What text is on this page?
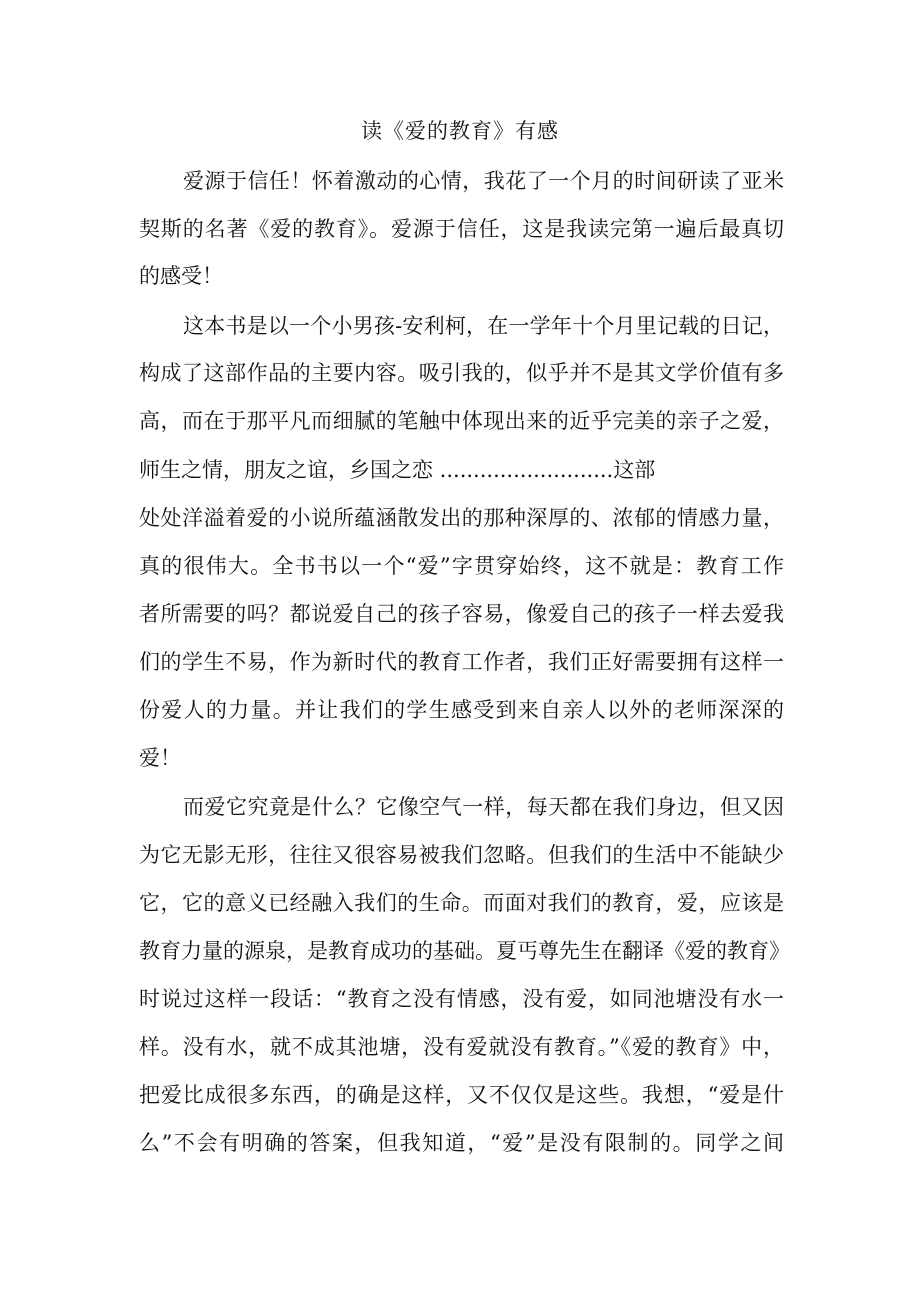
读《爱的教育》有感
爱源于信任！怀着激动的心情，我花了一个月的时间研读了亚米
契斯的名著《爱的教育》。爱源于信任，这是我读完第一遍后最真切
的感受！
这本书是以一个小男孩-安利柯，在一学年十个月里记载的日记，
构成了这部作品的主要内容。吸引我的，似乎并不是其文学价值有多
高，而在于那平凡而细腻的笔触中体现出来的近乎完美的亲子之爱，
师生之情，朋友之谊，乡国之恋 ..........................这部
处处洋溢着爱的小说所蕴涵散发出的那种深厚的、浓郁的情感力量，
真的很伟大。全书书以一个“爱”字贯穿始终，这不就是：教育工作
者所需要的吗？都说爱自己的孩子容易，像爱自己的孩子一样去爱我
们的学生不易，作为新时代的教育工作者，我们正好需要拥有这样一
份爱人的力量。并让我们的学生感受到来自亲人以外的老师深深的
爱！
而爱它究竟是什么？它像空气一样，每天都在我们身边，但又因
为它无影无形，往往又很容易被我们忽略。但我们的生活中不能缺少
它，它的意义已经融入我们的生命。而面对我们的教育，爱，应该是
教育力量的源泉，是教育成功的基础。夏丐尊先生在翻译《爱的教育》
时说过这样一段话：“教育之没有情感，没有爱，如同池塘没有水一
样。没有水，就不成其池塘，没有爱就没有教育。”《爱的教育》中，
把爱比成很多东西，的确是这样，又不仅仅是这些。我想，“爱是什
么”不会有明确的答案，但我知道，“爱”是没有限制的。同学之间
